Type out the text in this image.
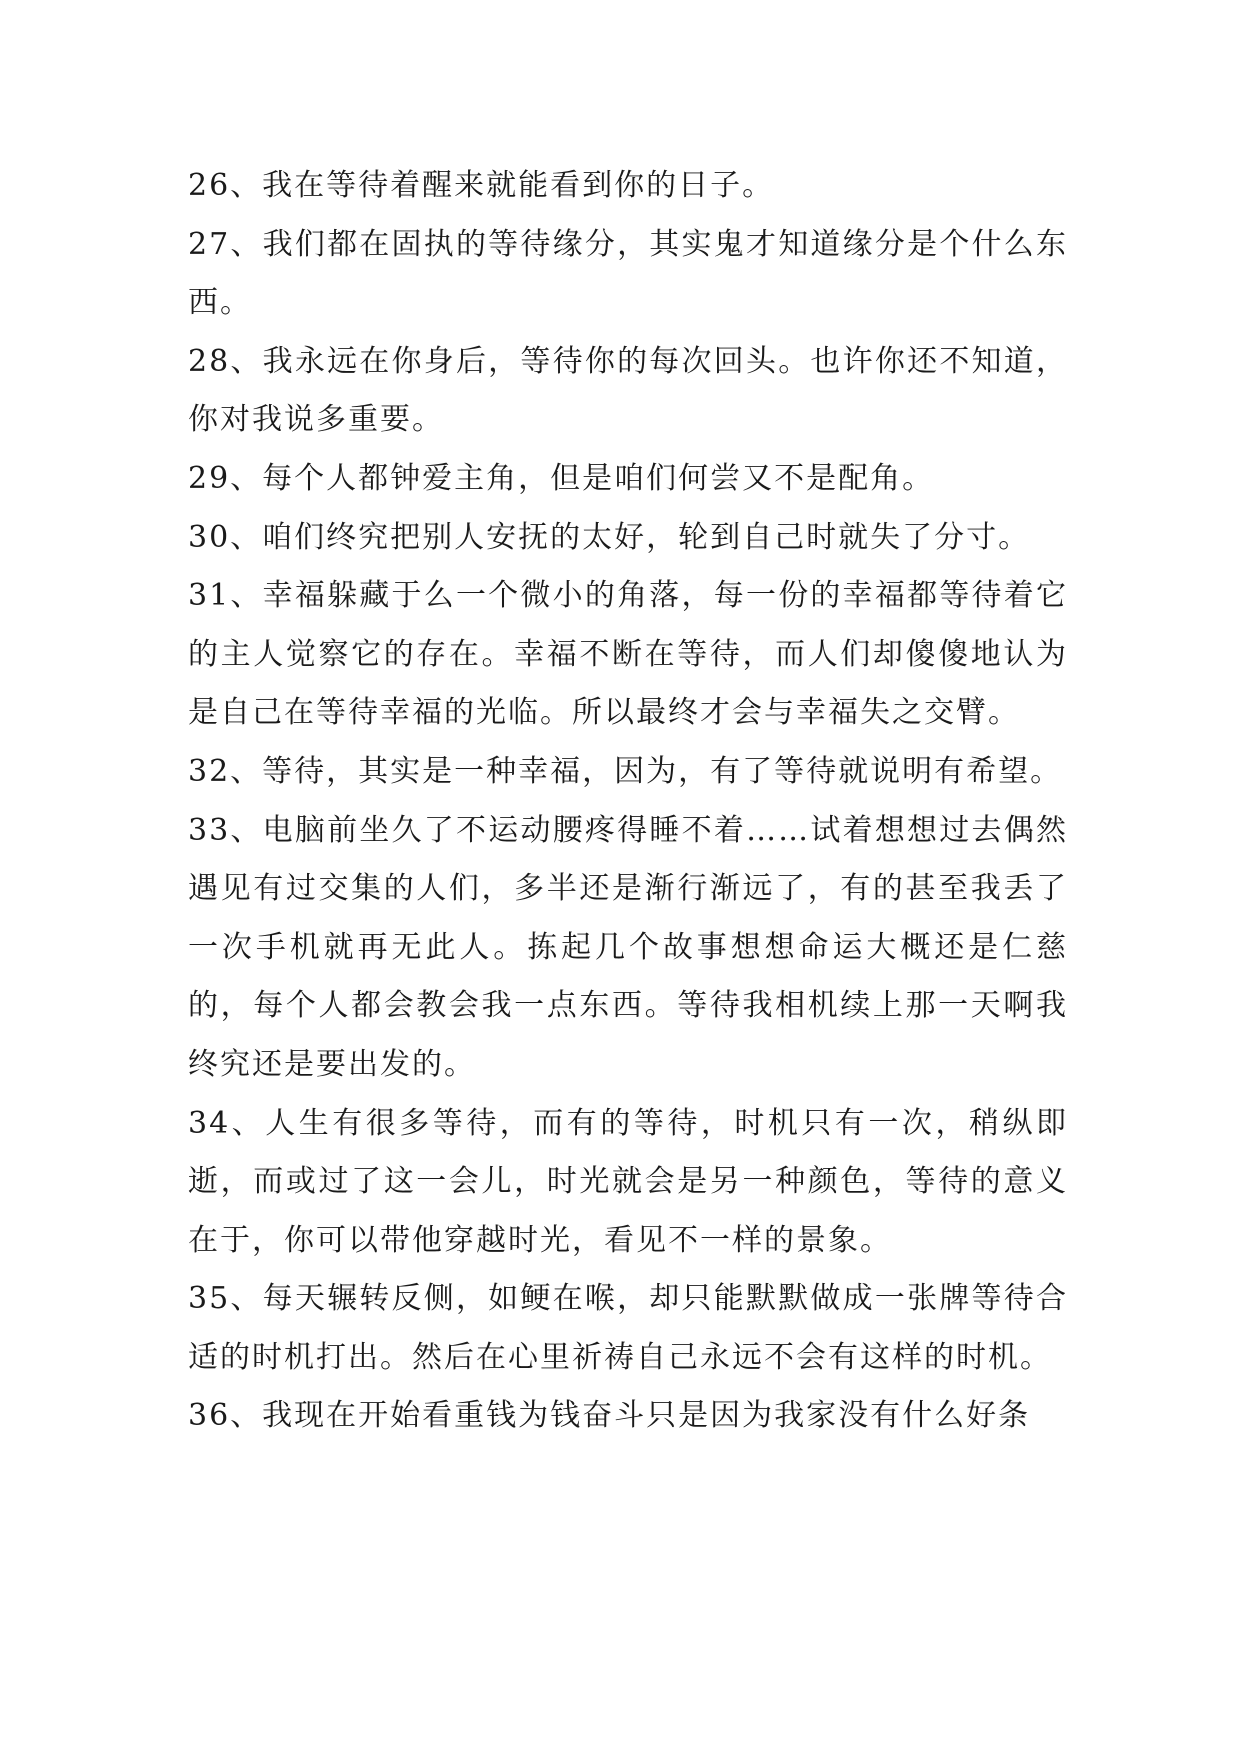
26、我在等待着醒来就能看到你的日子。

27、我们都在固执的等待缘分，其实鬼才知道缘分是个什么东西。

28、我永远在你身后，等待你的每次回头。也许你还不知道，你对我说多重要。

29、每个人都钟爱主角，但是咱们何尝又不是配角。

30、咱们终究把别人安抚的太好，轮到自己时就失了分寸。

31、幸福躲藏于么一个微小的角落，每一份的幸福都等待着它的主人觉察它的存在。幸福不断在等待，而人们却傻傻地认为是自己在等待幸福的光临。所以最终才会与幸福失之交臂。

32、等待，其实是一种幸福，因为，有了等待就说明有希望。

33、电脑前坐久了不运动腰疼得睡不着……试着想想过去偶然遇见有过交集的人们，多半还是渐行渐远了，有的甚至我丢了一次手机就再无此人。拣起几个故事想想命运大概还是仁慈的，每个人都会教会我一点东西。等待我相机续上那一天啊我终究还是要出发的。

34、人生有很多等待，而有的等待，时机只有一次，稍纵即逝，而或过了这一会儿，时光就会是另一种颜色，等待的意义在于，你可以带他穿越时光，看见不一样的景象。

35、每天辗转反侧，如鲠在喉，却只能默默做成一张牌等待合适的时机打出。然后在心里祈祷自己永远不会有这样的时机。

36、我现在开始看重钱为钱奋斗只是因为我家没有什么好条
